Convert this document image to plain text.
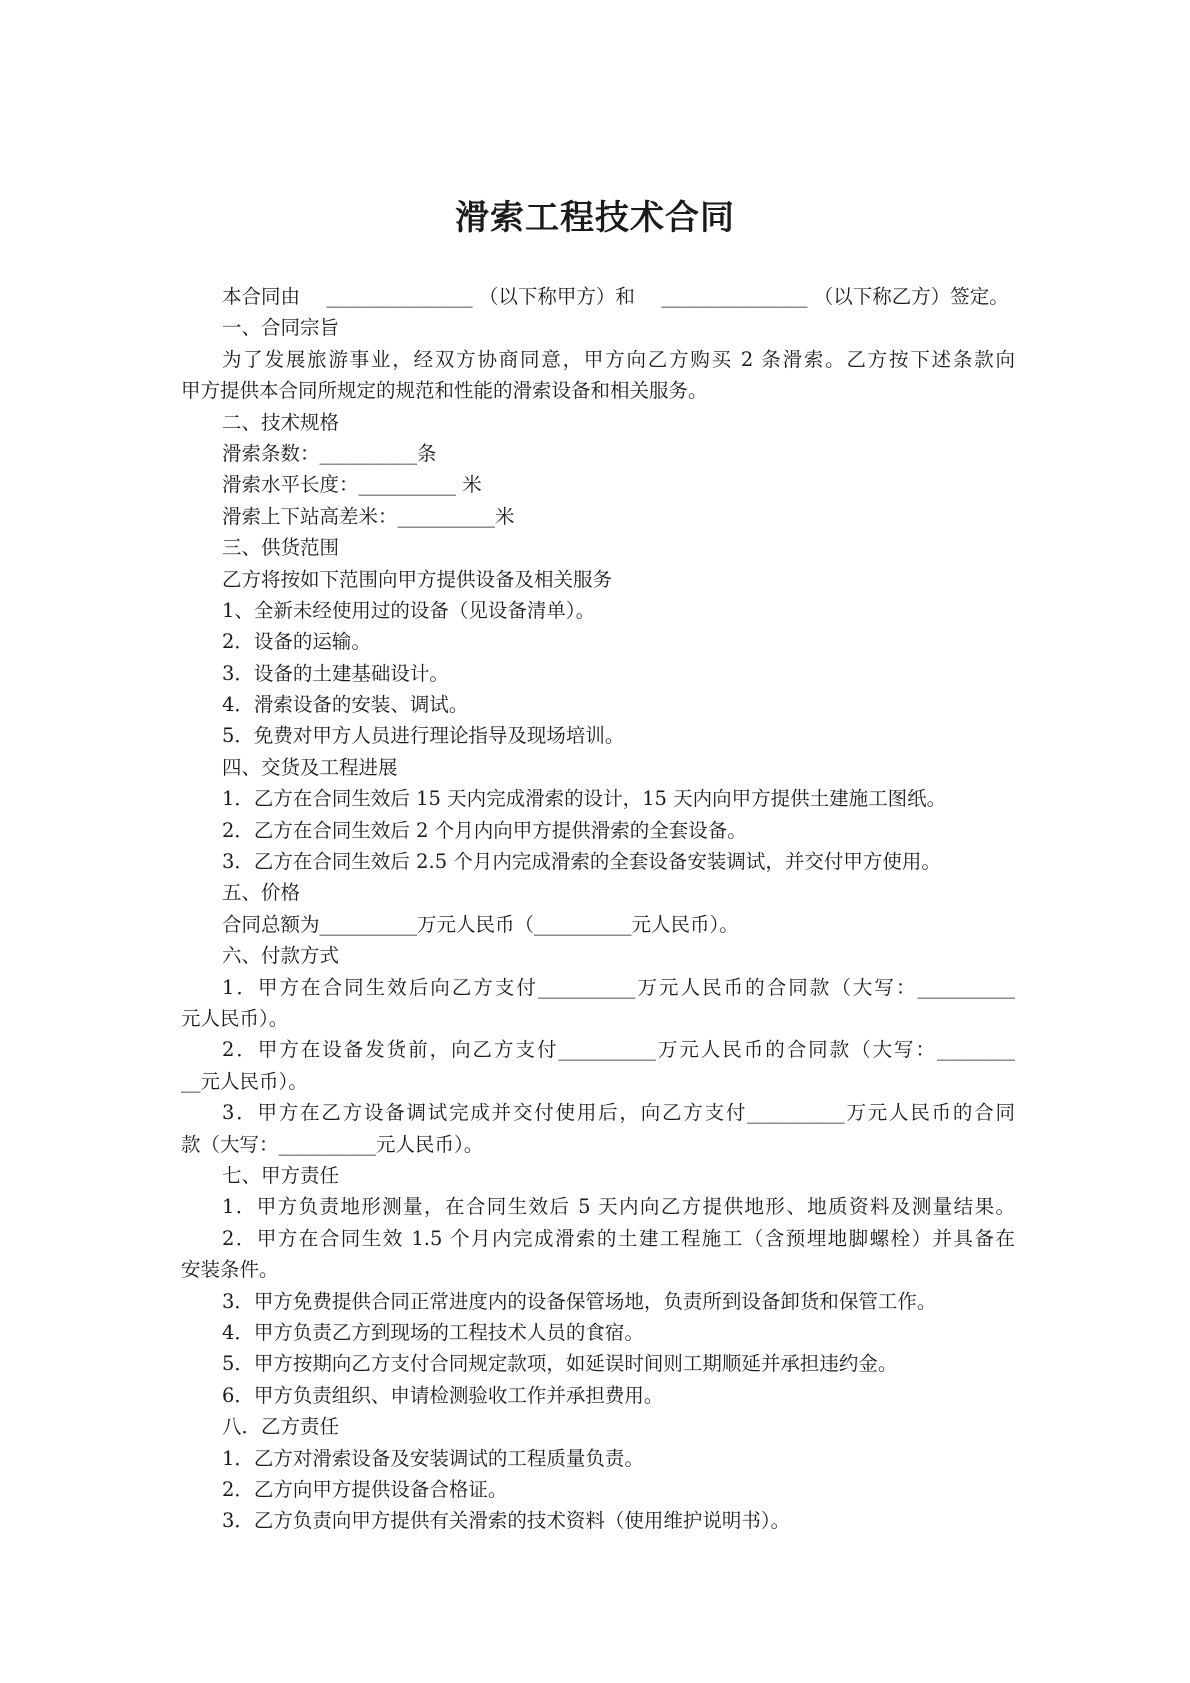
滑索工程技术合同
本合同由 _______________ （以下称甲方）和 _______________ （以下称乙方）签定。
一、合同宗旨
为了发展旅游事业，经双方协商同意，甲方向乙方购买 2 条滑索。乙方按下述条款向
甲方提供本合同所规定的规范和性能的滑索设备和相关服务。
二、技术规格
滑索条数：__________条
滑索水平长度：__________ 米
滑索上下站高差米：__________米
三、供货范围
乙方将按如下范围向甲方提供设备及相关服务
1、全新未经使用过的设备（见设备清单）。
2．设备的运输。
3．设备的土建基础设计。
4．滑索设备的安装、调试。
5．免费对甲方人员进行理论指导及现场培训。
四、交货及工程进展
1．乙方在合同生效后 15 天内完成滑索的设计，15 天内向甲方提供土建施工图纸。
2．乙方在合同生效后 2 个月内向甲方提供滑索的全套设备。
3．乙方在合同生效后 2.5 个月内完成滑索的全套设备安装调试，并交付甲方使用。
五、价格
合同总额为__________万元人民币（__________元人民币）。
六、付款方式
1．甲方在合同生效后向乙方支付__________万元人民币的合同款（大写：__________
元人民币）。
2．甲方在设备发货前，向乙方支付__________万元人民币的合同款（大写：________
__元人民币）。
3．甲方在乙方设备调试完成并交付使用后，向乙方支付__________万元人民币的合同
款（大写：__________元人民币）。
七、甲方责任
1．甲方负责地形测量，在合同生效后 5 天内向乙方提供地形、地质资料及测量结果。
2．甲方在合同生效 1.5 个月内完成滑索的土建工程施工（含预埋地脚螺栓）并具备在
安装条件。
3．甲方免费提供合同正常进度内的设备保管场地，负责所到设备卸货和保管工作。
4．甲方负责乙方到现场的工程技术人员的食宿。
5．甲方按期向乙方支付合同规定款项，如延误时间则工期顺延并承担违约金。
6．甲方负责组织、申请检测验收工作并承担费用。
八．乙方责任
1．乙方对滑索设备及安装调试的工程质量负责。
2．乙方向甲方提供设备合格证。
3．乙方负责向甲方提供有关滑索的技术资料（使用维护说明书）。
